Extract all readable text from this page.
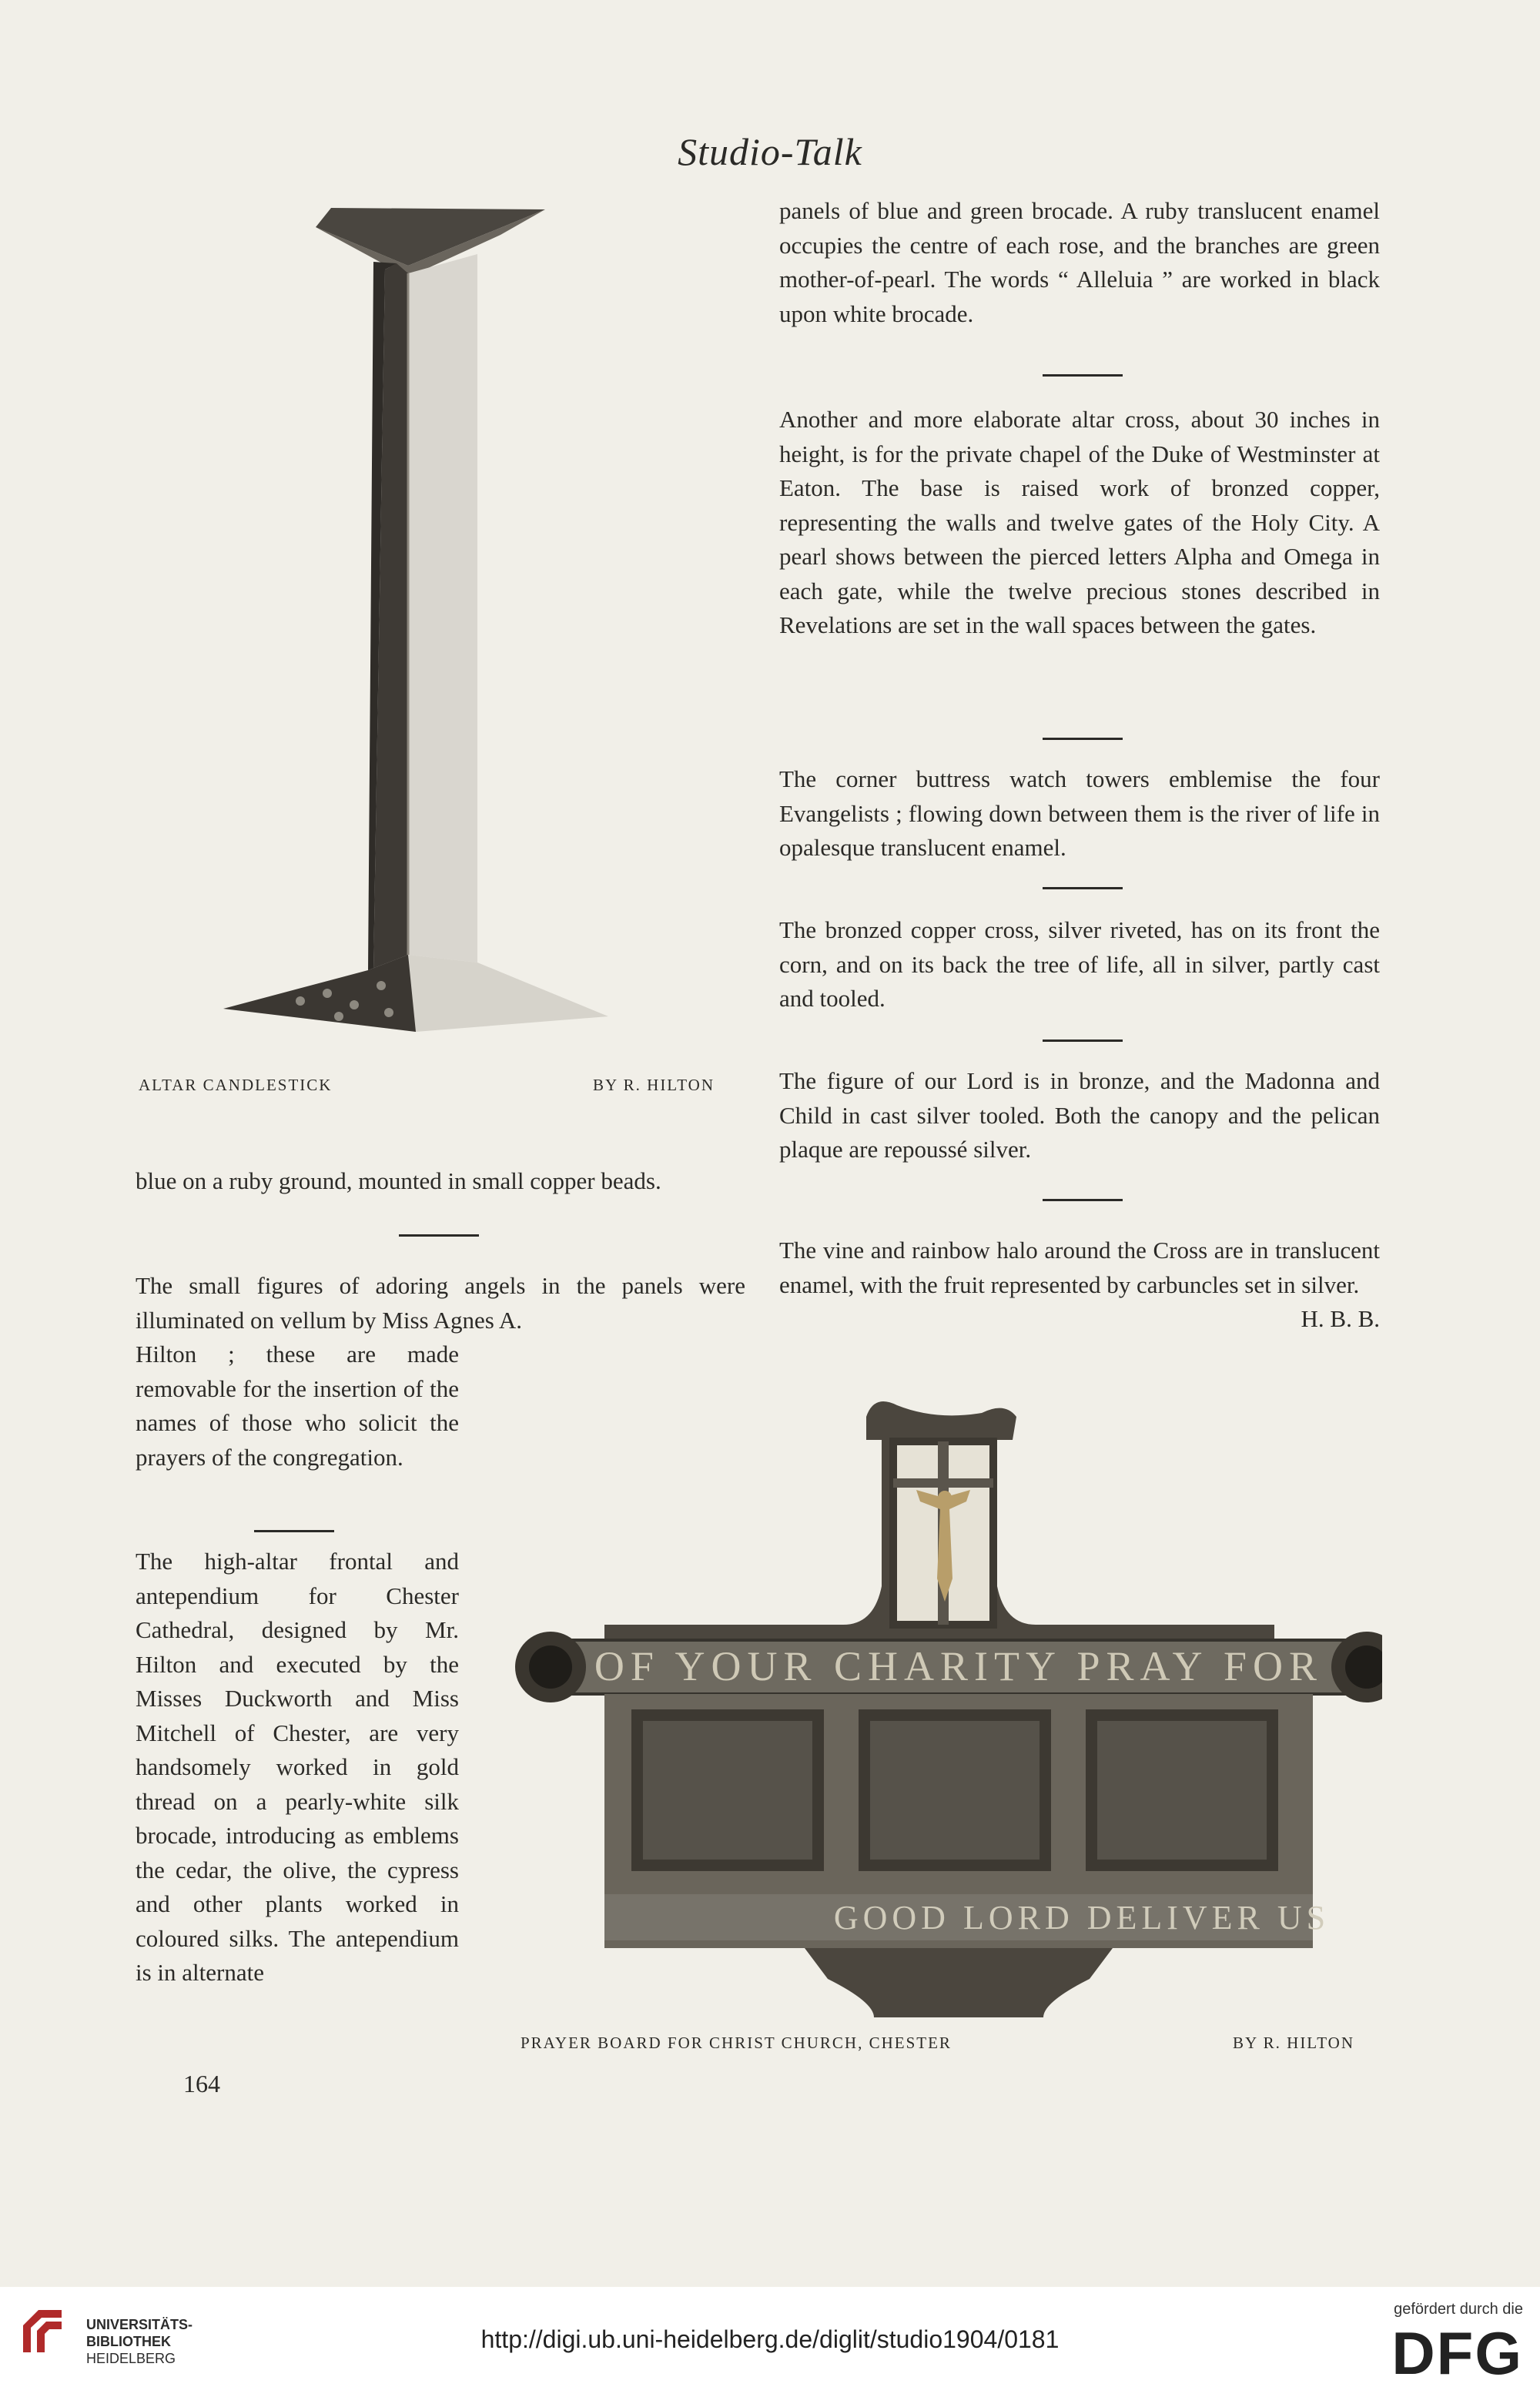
Studio-Talk
ALTAR CANDLESTICK	BY R. HILTON

panels of blue and green brocade. A ruby translucent enamel occupies the centre of each rose, and the branches are green mother-of-pearl. The words “ Alleluia ” are worked in black upon white brocade.

Another and more elaborate altar cross, about 30 inches in height, is for the private chapel of the Duke of Westminster at Eaton. The base is raised work of bronzed copper, representing the walls and twelve gates of the Holy City. A pearl shows between the pierced letters Alpha and Omega in each gate, while the twelve precious stones described in Revelations are set in the wall spaces between the gates.

The corner buttress watch towers emblemise the four Evangelists ; flowing down between them is the river of life in opalesque translucent enamel.

The bronzed copper cross, silver riveted, has on its front the corn, and on its back the tree of life, all in silver, partly cast and tooled.

The figure of our Lord is in bronze, and the Madonna and Child in cast silver tooled. Both the canopy and the pelican plaque are repoussé silver.

The vine and rainbow halo around the Cross are in translucent enamel, with the fruit represented by carbuncles set in silver.
H. B. B.

blue on a ruby ground, mounted in small copper beads.

The small figures of adoring angels in the panels were illuminated on vellum by Miss Agnes A.

Hilton ; these are made removable for the insertion of the names of those who solicit the prayers of the congregation.

The high-altar frontal and antependium for Chester Cathedral, designed by Mr. Hilton and executed by the Misses Duckworth and Miss Mitchell of Chester, are very handsomely worked in gold thread on a pearly-white silk brocade, introducing as emblems the cedar, the olive, the cypress and other plants worked in coloured silks. The antependium is in alternate

OF YOUR CHARITY PRAY FOR
GOOD LORD DELIVER US
PRAYER BOARD FOR CHRIST CHURCH, CHESTER	BY R. HILTON
164
UNIVERSITÄTS-
BIBLIOTHEK
HEIDELBERG
http://digi.ub.uni-heidelberg.de/diglit/studio1904/0181
gefördert durch die
DFG
